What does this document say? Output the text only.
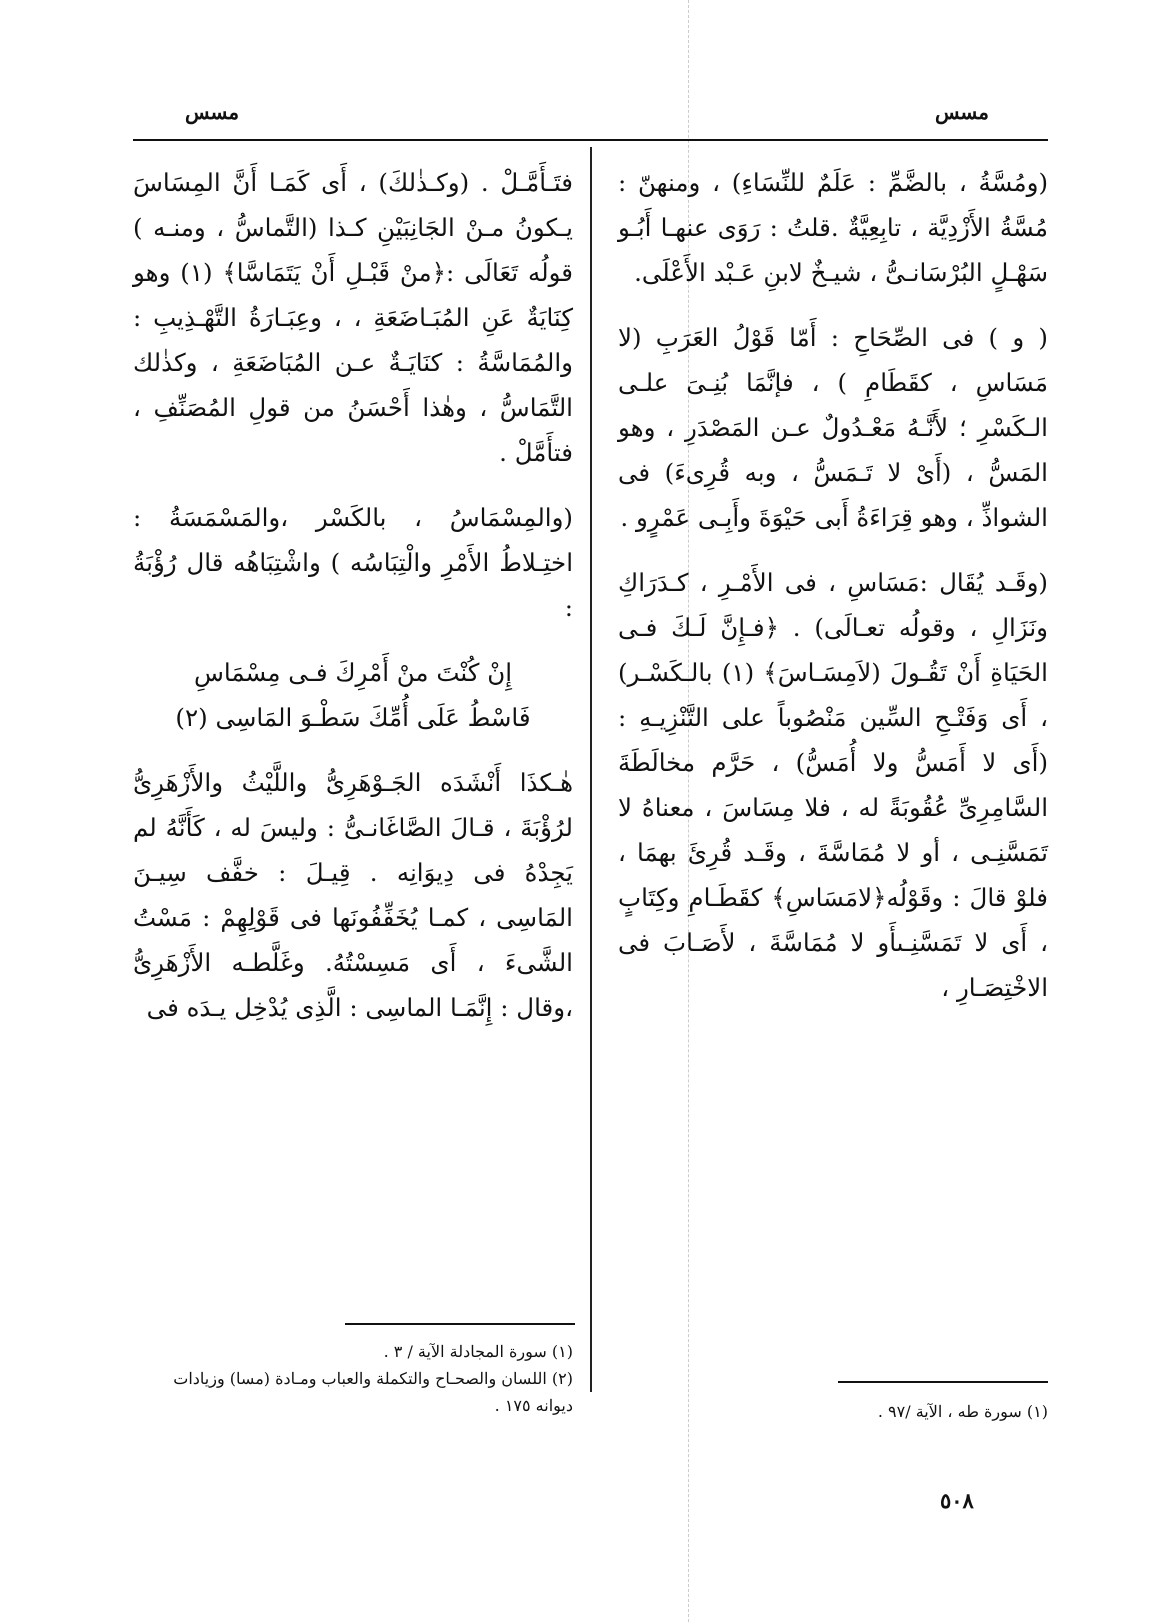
مسس
مسس

(ومُسَّةُ ، بالضَّمِّ : عَلَمٌ للنِّسَاءِ) ، ومنهنّ : مُسَّةُ الأَزْدِيَّة ، تابِعِيَّةٌ .قلتُ : رَوَى عنهـا أَبُـو سَهْـلٍ البُرْسَانـىُّ ، شيـخٌ لابنِ عَـبْد الأَعْلَى.

( و ) فى الصِّحَاحِ : أَمّا قَوْلُ العَرَبِ (لا مَسَاسِ ، كقَطَامِ ) ، فإنَّمَا بُنِـىَ علـى الـكَسْرِ ؛ لأَنَّـهُ مَعْـدُولٌ عـن المَصْدَرِ ، وهو المَسُّ ، (أَىْ لا تَـمَسُّ ، وبه قُرِىءَ) فى الشواذِّ ، وهو قِرَاءَةُ أَبى حَيْوَةَ وأَبِـى عَمْرٍو .

(وقَـد يُقَال :مَسَاسِ ، فى الأَمْـرِ ، كـدَرَاكِ ونَزَالِ ، وقولُه تعـالَى) . ﴿فـإِنَّ لَـكَ فـى الحَيَاةِ أَنْ تَقُـولَ (لاَمِسَـاسَ﴾ (١) بالـكَسْـر) ، أَى وَفَتْـحِ السِّين مَنْصُوباً على التَّنْزِيـهِ : (أَى لا أَمَسُّ ولا أُمَسُّ) ، حَرَّم مخالَطَةَ السَّامِرِىِّ عُقُوبَةً له ، فلا مِسَاسَ ، معناهُ لا تَمَسَّنِـى ، أو لا مُمَاسَّةَ ، وقَـد قُرِئَ بهمَا ، فلوْ قالَ : وقَوْلُه﴿لامَسَاسِ﴾ كقَطَـامِ وكِتَابٍ ، أَى لا تَمَسَّنِـىأَو لا مُمَاسَّةَ ، لأَصَـابَ فى الاخْتِصَـارِ ،

فتَـأَمَّـلْ . (وكـذٰلكَ) ، أَى كَمَـا أَنَّ المِسَاسَ يـكونُ مـنْ الجَانِبَيْنِ كـذا (التَّماسُّ ، ومنـه ) قولُه تَعَالَى :﴿منْ قَبْـلِ أَنْ يَتَمَاسَّا﴾ (١) وهو كِنَايَةٌ عَنِ المُبَـاضَعَةِ ، ، وعِبَـارَةُ التَّهْـذِيبِ : والمُمَاسَّةُ : كنَايَـةٌ عـن المُبَاضَعَةِ ، وكذٰلك التَّمَاسُّ ، وهٰذا أَحْسَنُ من قولِ المُصَنِّفِ ، فتأَمَّلْ .

(والمِسْمَاسُ ، بالكَسْر ،والمَسْمَسَةُ : اختِـلاطُ الأَمْرِ والْتِبَاسُه ) واشْتِبَاهُه قال رُؤْبَةُ :

إِنْ كُنْتَ منْ أَمْرِكَ فـى مِسْمَاسِ
فَاسْطُ عَلَى أُمِّكَ سَطْـوَ المَاسِى (٢)

هٰـكذَا أَنْشَدَه الجَـوْهَرِىُّ واللَّيْثُ والأَزْهَرِىُّ لرُؤْبَةَ ، قـالَ الصَّاغَانـىُّ : وليسَ له ، كَأَنَّهُ لم يَجِدْهُ فى دِيوَانِه . قِيـلَ : خفَّف سِيـنَ المَاسِى ، كمـا يُخَفِّفُونَها فى قَوْلِهِمْ : مَسْتُ الشَّىءَ ، أَى مَسِسْتُهُ. وغَلَّطـه الأَزْهَرِىُّ ،وقال : إِنَّمَـا الماسِى : الَّذِى يُدْخِل يـدَه فى

(١) سورة طه ، الآية /٩٧ .
(١) سورة المجادلة الآية / ٣ .
(٢) اللسان والصحـاح والتكملة والعباب ومـادة (مسا) وزيادات ديوانه ١٧٥ .
٥٠٨
